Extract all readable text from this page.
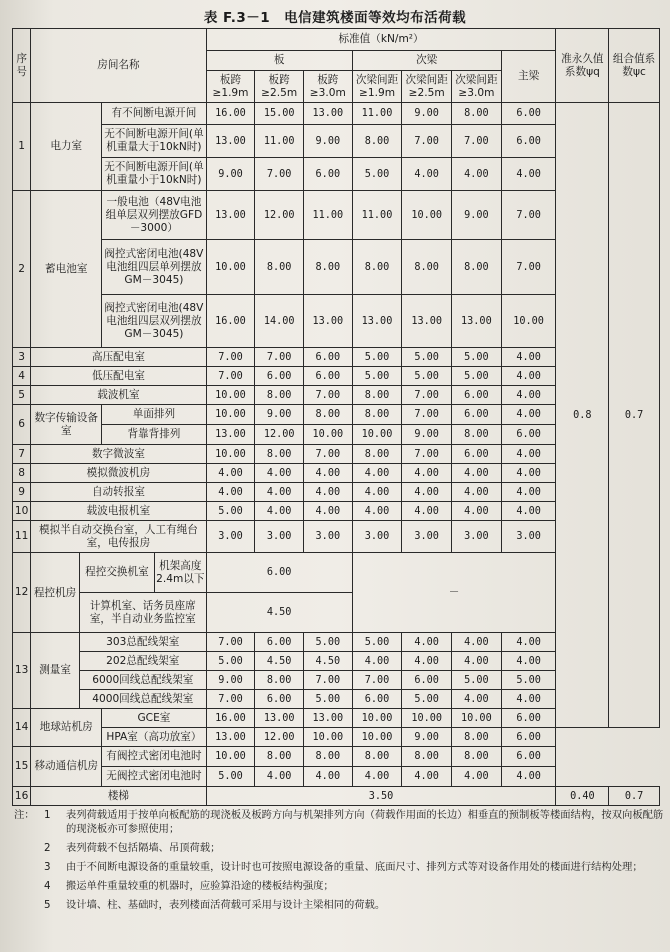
表 F.3－1　电信建筑楼面等效均布活荷载
序号	房间名称				标准值（kN/m²）							准永久值系数ψq	组合值系数ψc
					板			次梁			主梁		
					板跨≥1.9m	板跨≥2.5m	板跨≥3.0m	次梁间距≥1.9m	次梁间距≥2.5m	次梁间距≥3.0m			
1	电力室		有不间断电源开间		16.00	15.00	13.00	11.00	9.00	8.00	6.00	0.8	0.7
			无不间断电源开间(单机重量大于10kN时)		13.00	11.00	9.00	8.00	7.00	7.00	6.00		
			无不间断电源开间(单机重量小于10kN时)		9.00	7.00	6.00	5.00	4.00	4.00	4.00		
2	蓄电池室		一般电池（48V电池组单层双列摆放GFD－3000）		13.00	12.00	11.00	11.00	10.00	9.00	7.00		
			阀控式密闭电池(48V电池组四层单列摆放GM－3045)		10.00	8.00	8.00	8.00	8.00	8.00	7.00		
			阀控式密闭电池(48V电池组四层双列摆放GM－3045)		16.00	14.00	13.00	13.00	13.00	13.00	10.00		
3	高压配电室				7.00	7.00	6.00	5.00	5.00	5.00	4.00		
4	低压配电室				7.00	6.00	6.00	5.00	5.00	5.00	4.00		
5	载波机室				10.00	8.00	7.00	8.00	7.00	6.00	4.00		
6	数字传输设备室		单面排列		10.00	9.00	8.00	8.00	7.00	6.00	4.00		
			背靠背排列		13.00	12.00	10.00	10.00	9.00	8.00	6.00		
7	数字微波室				10.00	8.00	7.00	8.00	7.00	6.00	4.00		
8	模拟微波机房				4.00	4.00	4.00	4.00	4.00	4.00	4.00		
9	自动转报室				4.00	4.00	4.00	4.00	4.00	4.00	4.00		
10	载波电报机室				5.00	4.00	4.00	4.00	4.00	4.00	4.00		
11	模拟半自动交换台室，人工有绳台室，电传报房				3.00	3.00	3.00	3.00	3.00	3.00	3.00		
12	程控机房	程控交换机室		机架高度2.4m以下	6.00			－					
		计算机室、话务员座席室，半自动业务监控室			4.50								
13	测量室	303总配线架室			7.00	6.00	5.00	5.00	4.00	4.00	4.00		
		202总配线架室			5.00	4.50	4.50	4.00	4.00	4.00	4.00		
		6000回线总配线架室			9.00	8.00	7.00	7.00	6.00	5.00	5.00		
		4000回线总配线架室			7.00	6.00	5.00	6.00	5.00	4.00	4.00		
14	地球站机房		GCE室		16.00	13.00	13.00	10.00	10.00	10.00	6.00		
			HPA室（高功放室）		13.00	12.00	10.00	10.00	9.00	8.00	6.00		
15	移动通信机房		有阀控式密闭电池时		10.00	8.00	8.00	8.00	8.00	8.00	6.00		
			无阀控式密闭电池时		5.00	4.00	4.00	4.00	4.00	4.00	4.00		
16	楼梯				3.50							0.40	0.7
注： 1	表列荷载适用于按单向板配筋的现浇板及板跨方向与机架排列方向（荷载作用面的长边）相垂直的预制板等楼面结构，按双向板配筋的现浇板亦可参照使用；
2	表列荷载不包括隔墙、吊顶荷载；
3	由于不间断电源设备的重量较重，设计时也可按照电源设备的重量、底面尺寸、排列方式等对设备作用处的楼面进行结构处理；
4	搬运单件重量较重的机器时，应验算沿途的楼板结构强度；
5	设计墙、柱、基础时，表列楼面活荷载可采用与设计主梁相同的荷载。
